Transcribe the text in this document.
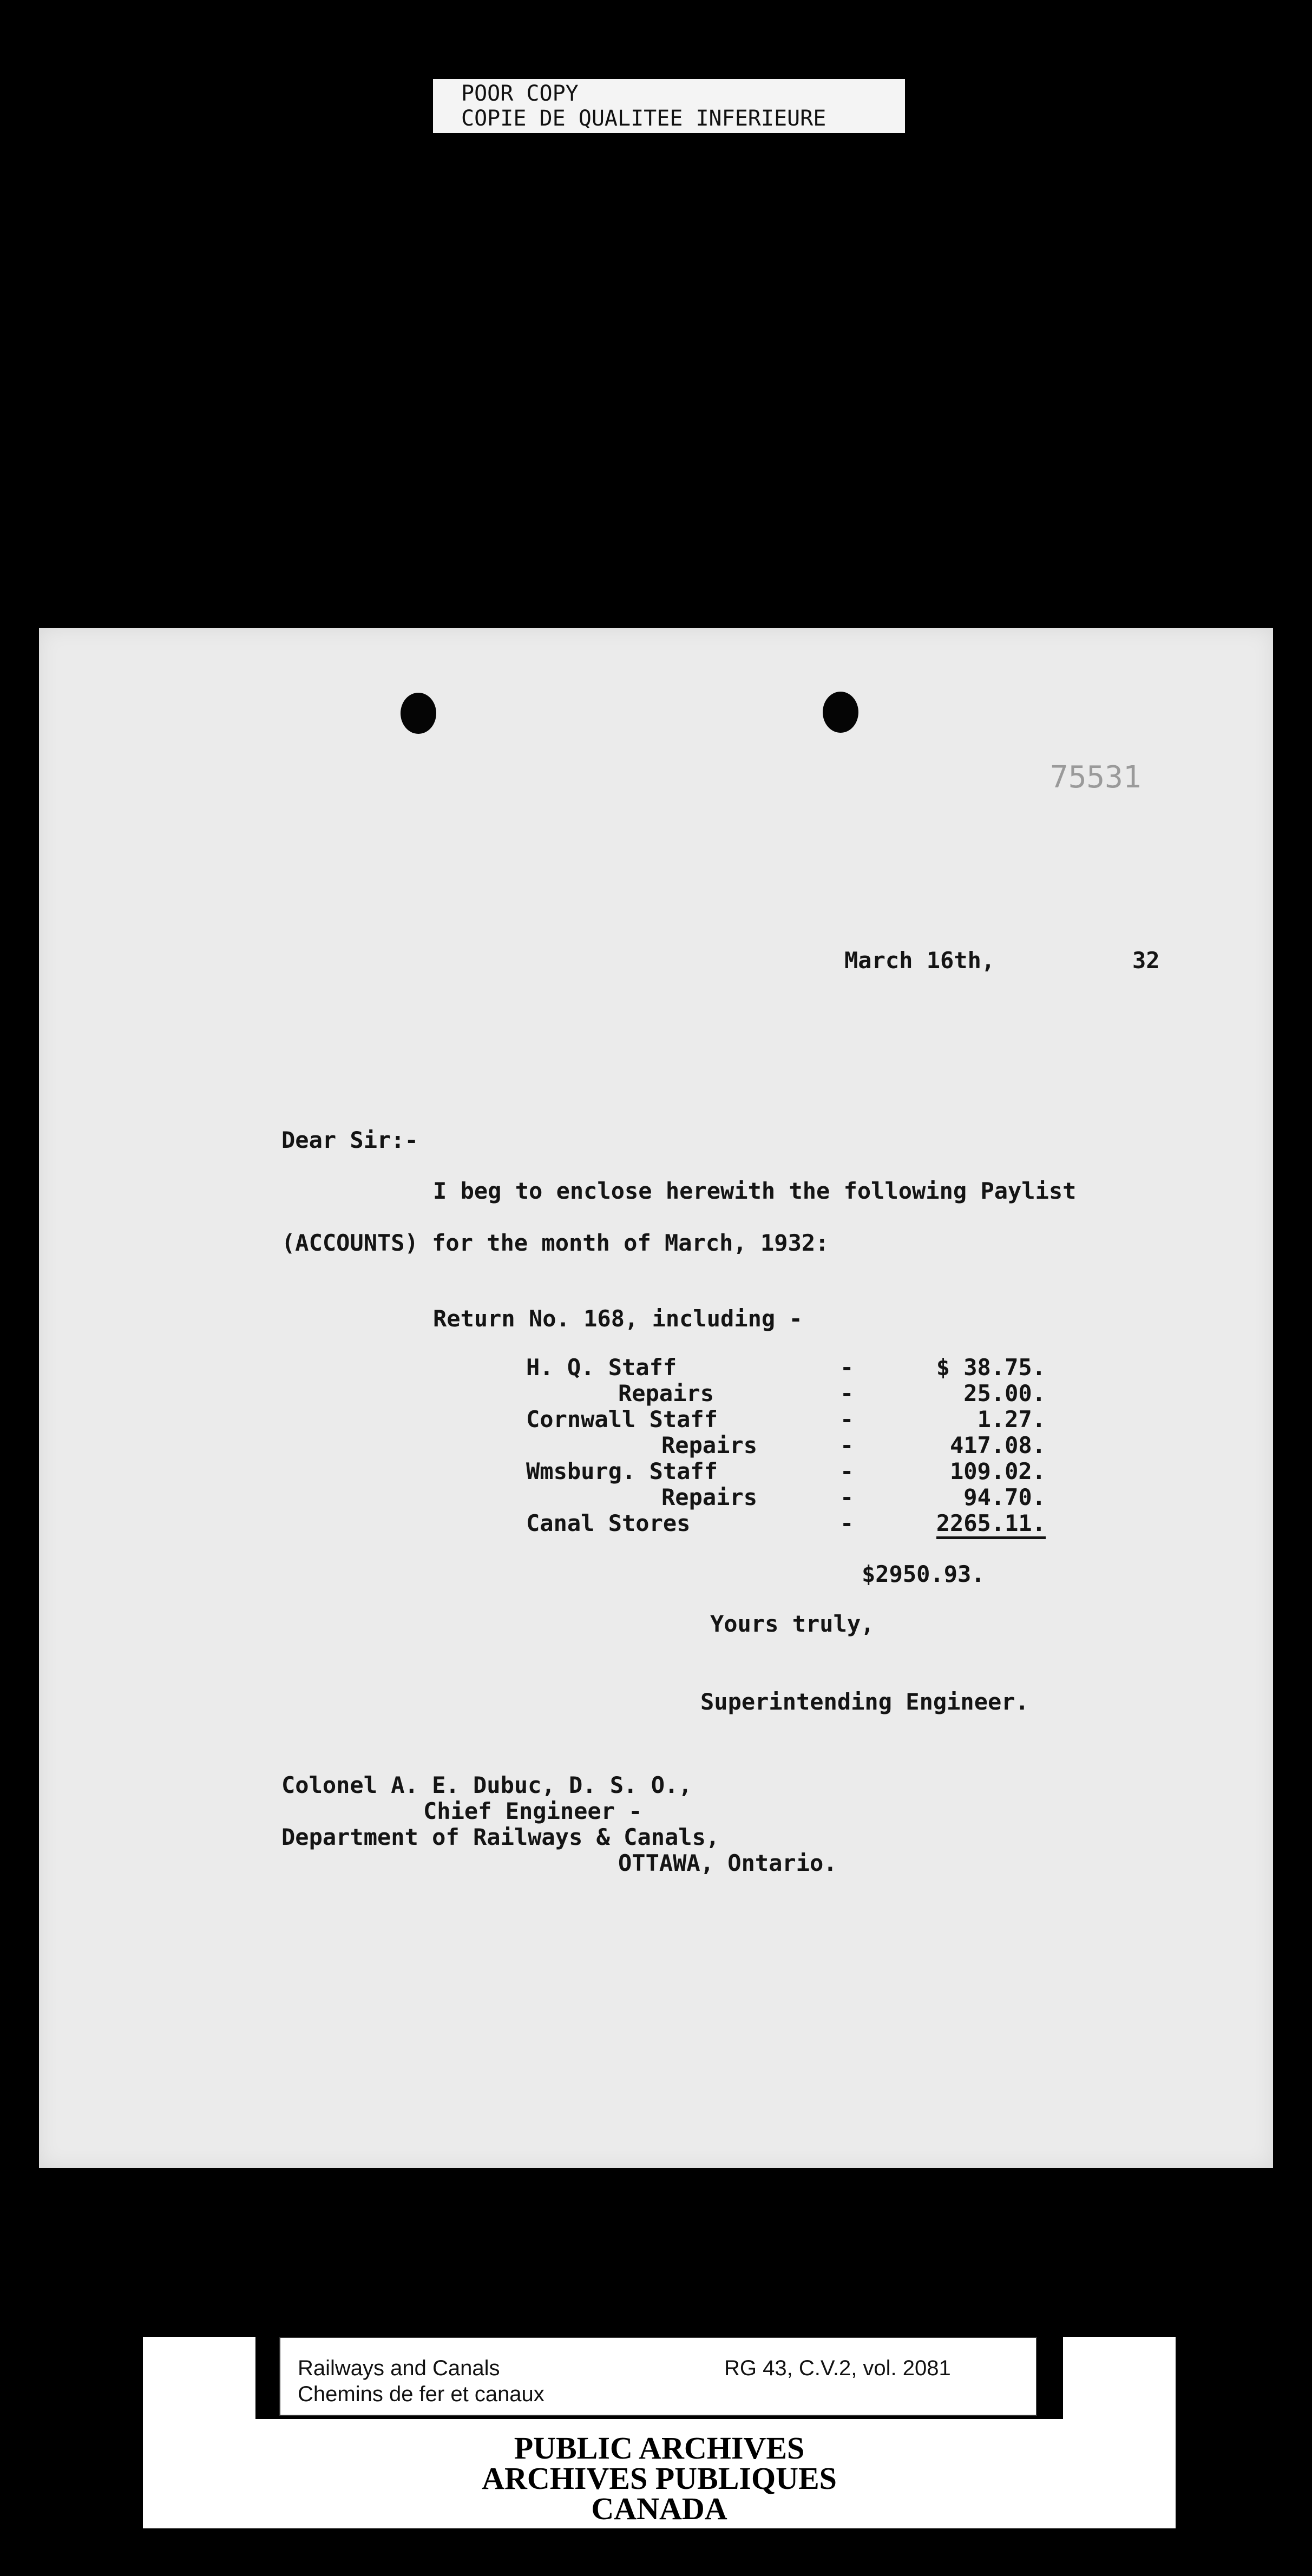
POOR COPY
COPIE DE QUALITEE INFERIEURE
75531
March 16th,	32
Dear Sir:-
I beg to enclose herewith the following Paylist
(ACCOUNTS) for the month of March, 1932:
Return No. 168, including -
H. Q. Staff	-	$ 38.75.
Repairs	-	25.00.
Cornwall Staff	-	1.27.
Repairs	-	417.08.
Wmsburg. Staff	-	109.02.
Repairs	-	94.70.
Canal Stores	-	2265.11.
$2950.93.
Yours truly,
Superintending Engineer.
Colonel A. E. Dubuc, D. S. O.,
Chief Engineer -
Department of Railways & Canals,
OTTAWA, Ontario.
Railways and Canals
Chemins de fer et canaux
RG 43, C.V.2, vol. 2081
PUBLIC ARCHIVES
ARCHIVES PUBLIQUES
CANADA
